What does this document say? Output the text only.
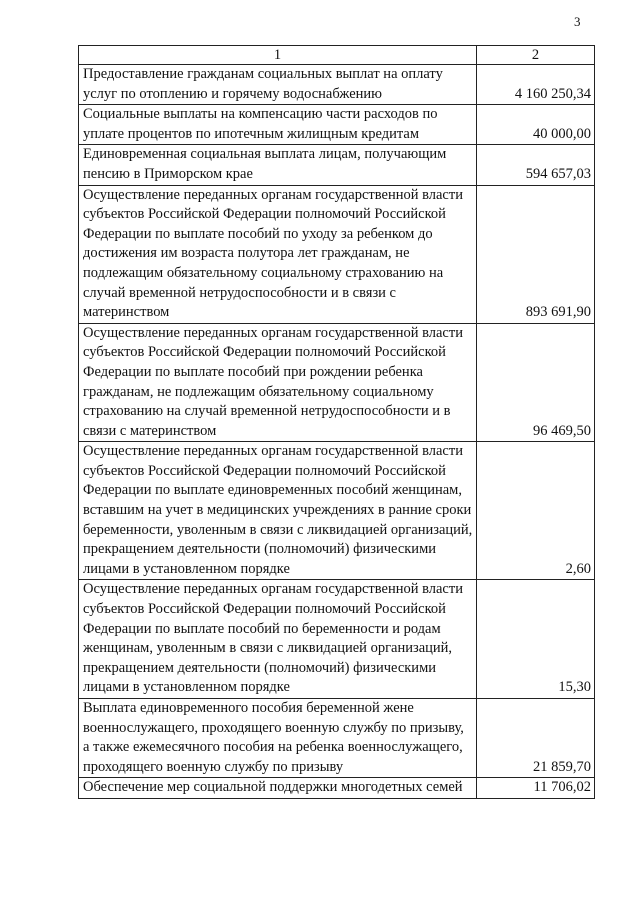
3
1	2
Предоставление гражданам социальных выплат на оплату услуг по отоплению и горячему водоснабжению	4 160 250,34
Социальные выплаты на компенсацию части расходов по уплате процентов по ипотечным жилищным кредитам	40 000,00
Единовременная социальная выплата лицам, получающим пенсию в Приморском крае	594 657,03
Осуществление переданных органам государственной власти субъектов Российской Федерации полномочий Российской Федерации по выплате пособий по уходу за ребенком до достижения им возраста полутора лет гражданам, не подлежащим обязательному социальному страхованию на случай временной нетрудоспособности и в связи с материнством	893 691,90
Осуществление переданных органам государственной власти субъектов Российской Федерации полномочий Российской Федерации по выплате пособий при рождении ребенка гражданам, не подлежащим обязательному социальному страхованию на случай временной нетрудоспособности и в связи с материнством	96 469,50
Осуществление переданных органам государственной власти субъектов Российской Федерации полномочий Российской Федерации по выплате единовременных пособий женщинам, вставшим на учет в медицинских учреждениях в ранние сроки беременности, уволенным в связи с ликвидацией организаций, прекращением деятельности (полномочий) физическими лицами в установленном порядке	2,60
Осуществление переданных органам государственной власти субъектов Российской Федерации полномочий Российской Федерации по выплате пособий по беременности и родам женщинам, уволенным в связи с ликвидацией организаций, прекращением деятельности (полномочий) физическими лицами в установленном порядке	15,30
Выплата единовременного пособия беременной жене военнослужащего, проходящего военную службу по призыву, а также ежемесячного пособия на ребенка военнослужащего, проходящего военную службу по призыву	21 859,70
Обеспечение мер социальной поддержки многодетных семей	11 706,02
